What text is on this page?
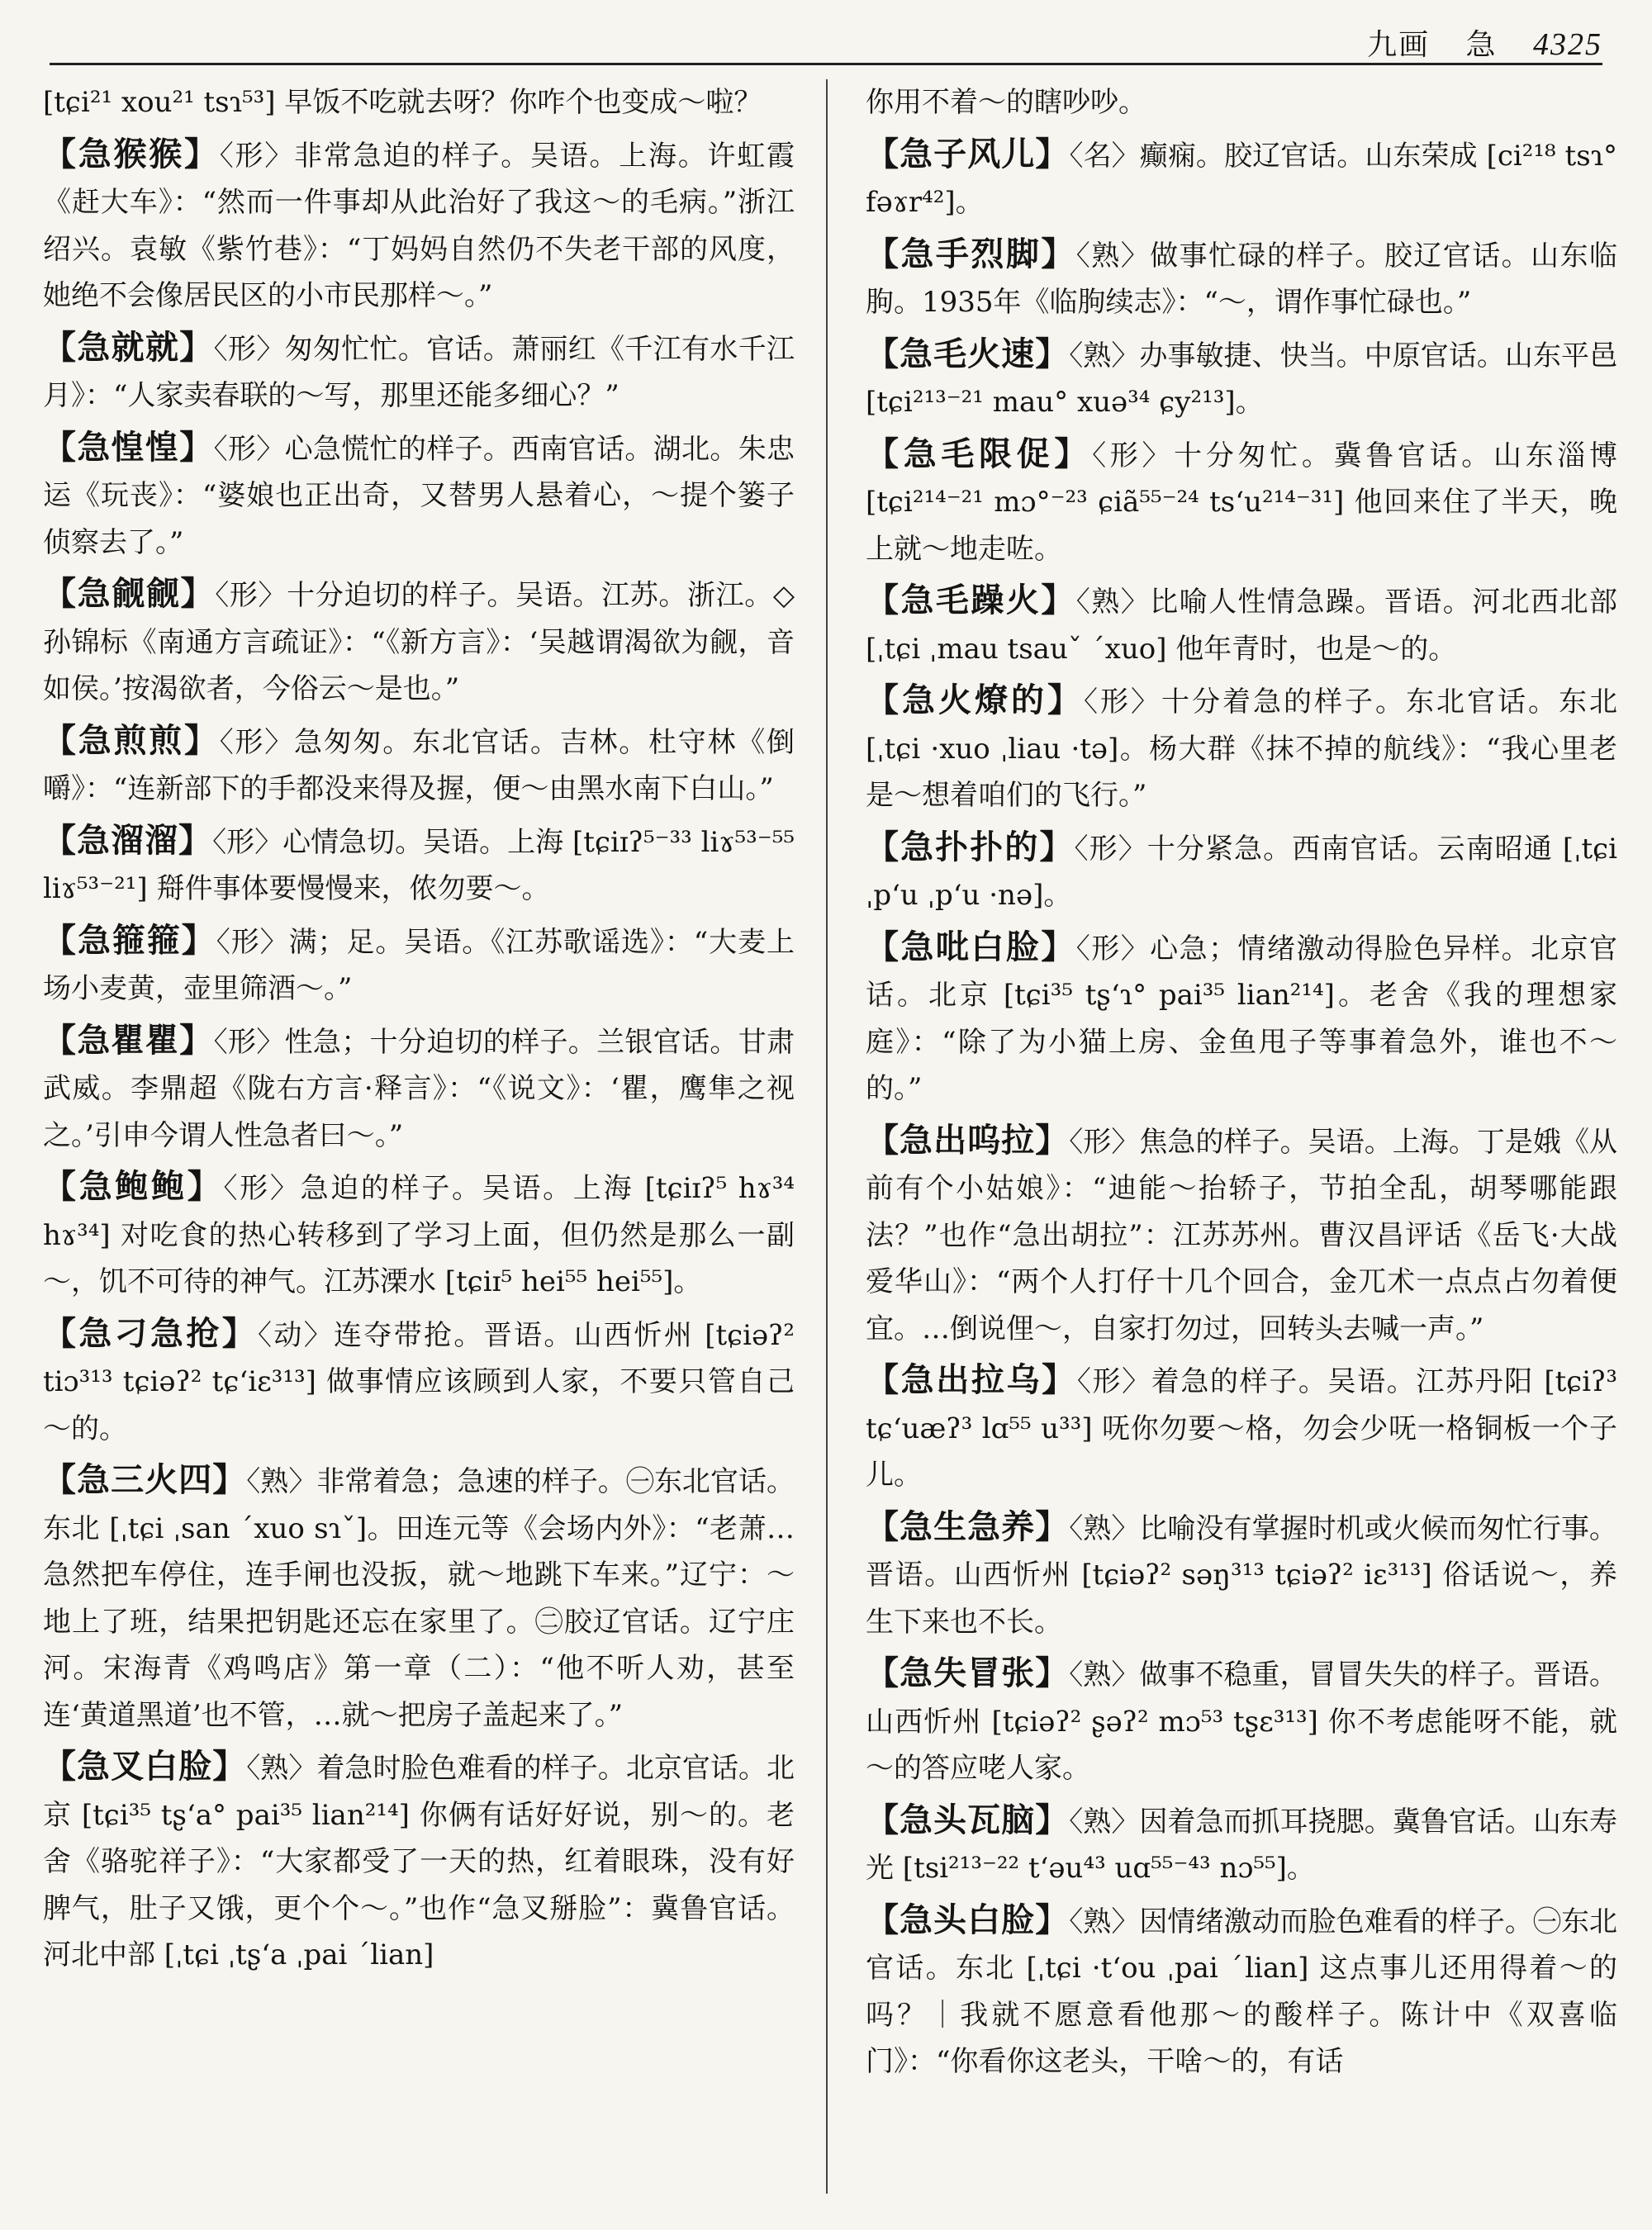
九画 急 4325
[tɕi²¹ xou²¹ tsɿ⁵³] 早饭不吃就去呀？你咋个也变成～啦？
【急猴猴】〈形〉非常急迫的样子。吴语。上海。许虹霞《赶大车》：“然而一件事却从此治好了我这～的毛病。”浙江绍兴。袁敏《紫竹巷》：“丁妈妈自然仍不失老干部的风度，她绝不会像居民区的小市民那样～。”
【急就就】〈形〉匆匆忙忙。官话。萧丽红《千江有水千江月》：“人家卖春联的～写，那里还能多细心？”
【急惶惶】〈形〉心急慌忙的样子。西南官话。湖北。朱忠运《玩丧》：“婆娘也正出奇，又替男人悬着心，～提个篓子侦察去了。”
【急觎觎】〈形〉十分迫切的样子。吴语。江苏。浙江。◇孙锦标《南通方言疏证》：“《新方言》：‘吴越谓渴欲为觎，音如侯。’按渴欲者，今俗云～是也。”
【急煎煎】〈形〉急匆匆。东北官话。吉林。杜守林《倒嚼》：“连新部下的手都没来得及握，便～由黑水南下白山。”
【急溜溜】〈形〉心情急切。吴语。上海 [tɕiɪʔ⁵⁻³³ liɤ⁵³⁻⁵⁵ liɤ⁵³⁻²¹] 搿件事体要慢慢来，侬勿要～。
【急箍箍】〈形〉满；足。吴语。《江苏歌谣选》：“大麦上场小麦黄，壶里筛酒～。”
【急瞿瞿】〈形〉性急；十分迫切的样子。兰银官话。甘肃武威。李鼎超《陇右方言·释言》：“《说文》：‘瞿，鹰隼之视之。’引申今谓人性急者曰～。”
【急鲍鲍】〈形〉急迫的样子。吴语。上海 [tɕiɪʔ⁵ hɤ³⁴ hɤ³⁴] 对吃食的热心转移到了学习上面，但仍然是那么一副～，饥不可待的神气。江苏溧水 [tɕiɪ⁵ hei⁵⁵ hei⁵⁵]。
【急刁急抢】〈动〉连夺带抢。晋语。山西忻州 [tɕiəʔ² tiɔ³¹³ tɕiəʔ² tɕʻiɛ³¹³] 做事情应该顾到人家，不要只管自己～的。
【急三火四】〈熟〉非常着急；急速的样子。㊀东北官话。东北 [ˌtɕi ˌsan ˊxuo sɿˇ]。田连元等《会场内外》：“老萧…急然把车停住，连手闸也没扳，就～地跳下车来。”辽宁：～地上了班，结果把钥匙还忘在家里了。㊁胶辽官话。辽宁庄河。宋海青《鸡鸣店》第一章（二）：“他不听人劝，甚至连‘黄道黑道’也不管，…就～把房子盖起来了。”
【急叉白脸】〈熟〉着急时脸色难看的样子。北京官话。北京 [tɕi³⁵ tʂʻa° pai³⁵ lian²¹⁴] 你俩有话好好说，别～的。老舍《骆驼祥子》：“大家都受了一天的热，红着眼珠，没有好脾气，肚子又饿，更个个～。”也作“急叉掰脸”：冀鲁官话。河北中部 [ˌtɕi ˌtʂʻa ˌpai ˊlian]
你用不着～的瞎吵吵。
【急子风儿】〈名〉癫痫。胶辽官话。山东荣成 [ci²¹⁸ tsɿ° fəɤr⁴²]。
【急手烈脚】〈熟〉做事忙碌的样子。胶辽官话。山东临朐。1935年《临朐续志》：“～，谓作事忙碌也。”
【急毛火速】〈熟〉办事敏捷、快当。中原官话。山东平邑 [tɕi²¹³⁻²¹ mau° xuə³⁴ ɕy²¹³]。
【急毛限促】〈形〉十分匆忙。冀鲁官话。山东淄博 [tɕi²¹⁴⁻²¹ mɔ°⁻²³ ɕiã⁵⁵⁻²⁴ tsʻu²¹⁴⁻³¹] 他回来住了半天，晚上就～地走咗。
【急毛躁火】〈熟〉比喻人性情急躁。晋语。河北西北部 [ˌtɕi ˌmau tsauˇ ˊxuo] 他年青时，也是～的。
【急火燎的】〈形〉十分着急的样子。东北官话。东北 [ˌtɕi ·xuo ˌliau ·tə]。杨大群《抹不掉的航线》：“我心里老是～想着咱们的飞行。”
【急扑扑的】〈形〉十分紧急。西南官话。云南昭通 [ˌtɕi ˌpʻu ˌpʻu ·nə]。
【急吡白脸】〈形〉心急；情绪激动得脸色异样。北京官话。北京 [tɕi³⁵ tʂʻɿ° pai³⁵ lian²¹⁴]。老舍《我的理想家庭》：“除了为小猫上房、金鱼甩子等事着急外，谁也不～的。”
【急出呜拉】〈形〉焦急的样子。吴语。上海。丁是娥《从前有个小姑娘》：“迪能～抬轿子，节拍全乱，胡琴哪能跟法？”也作“急出胡拉”：江苏苏州。曹汉昌评话《岳飞·大战爱华山》：“两个人打仔十几个回合，金兀术一点点占勿着便宜。…倒说俚～，自家打勿过，回转头去喊一声。”
【急出拉乌】〈形〉着急的样子。吴语。江苏丹阳 [tɕiʔ³ tɕʻuæʔ³ lɑ⁵⁵ u³³] 呒你勿要～格，勿会少呒一格铜板一个子儿。
【急生急养】〈熟〉比喻没有掌握时机或火候而匆忙行事。晋语。山西忻州 [tɕiəʔ² səŋ³¹³ tɕiəʔ² iɛ³¹³] 俗话说～，养生下来也不长。
【急失冒张】〈熟〉做事不稳重，冒冒失失的样子。晋语。山西忻州 [tɕiəʔ² ʂəʔ² mɔ⁵³ tʂɛ³¹³] 你不考虑能呀不能，就～的答应咾人家。
【急头瓦脑】〈熟〉因着急而抓耳挠腮。冀鲁官话。山东寿光 [tsi²¹³⁻²² tʻəu⁴³ uɑ⁵⁵⁻⁴³ nɔ⁵⁵]。
【急头白脸】〈熟〉因情绪激动而脸色难看的样子。㊀东北官话。东北 [ˌtɕi ·tʻou ˌpai ˊlian] 这点事儿还用得着～的吗？｜我就不愿意看他那～的酸样子。陈计中《双喜临门》：“你看你这老头，干啥～的，有话
